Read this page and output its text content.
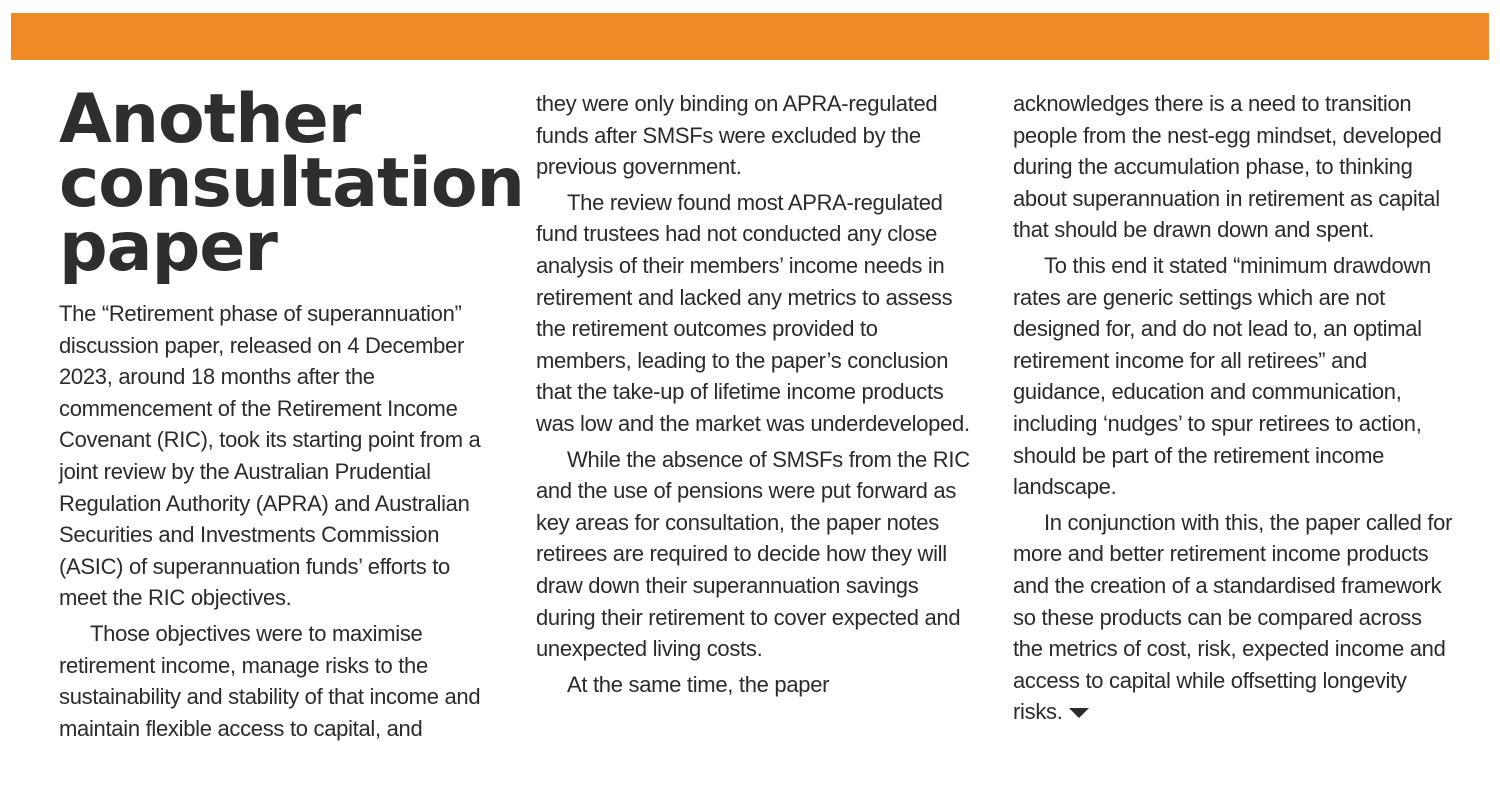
Another
consultation
paper

The “Retirement phase of superannuation” discussion paper, released on 4 December 2023, around 18 months after the commencement of the Retirement Income Covenant (RIC), took its starting point from a joint review by the Australian Prudential Regulation Authority (APRA) and Australian Securities and Investments Commission (ASIC) of superannuation funds’ efforts to meet the RIC objectives.

Those objectives were to maximise retirement income, manage risks to the sustainability and stability of that income and maintain flexible access to capital, and

they were only binding on APRA-regulated funds after SMSFs were excluded by the previous government.

The review found most APRA-regulated fund trustees had not conducted any close analysis of their members’ income needs in retirement and lacked any metrics to assess the retirement outcomes provided to members, leading to the paper’s conclusion that the take-up of lifetime income products was low and the market was underdeveloped.

While the absence of SMSFs from the RIC and the use of pensions were put forward as key areas for consultation, the paper notes retirees are required to decide how they will draw down their superannuation savings during their retirement to cover expected and unexpected living costs.

At the same time, the paper

acknowledges there is a need to transition people from the nest-egg mindset, developed during the accumulation phase, to thinking about superannuation in retirement as capital that should be drawn down and spent.

To this end it stated “minimum drawdown rates are generic settings which are not designed for, and do not lead to, an optimal retirement income for all retirees” and guidance, education and communication, including ‘nudges’ to spur retirees to action, should be part of the retirement income landscape.

In conjunction with this, the paper called for more and better retirement income products and the creation of a standardised framework so these products can be compared across the metrics of cost, risk, expected income and access to capital while offsetting longevity risks.
